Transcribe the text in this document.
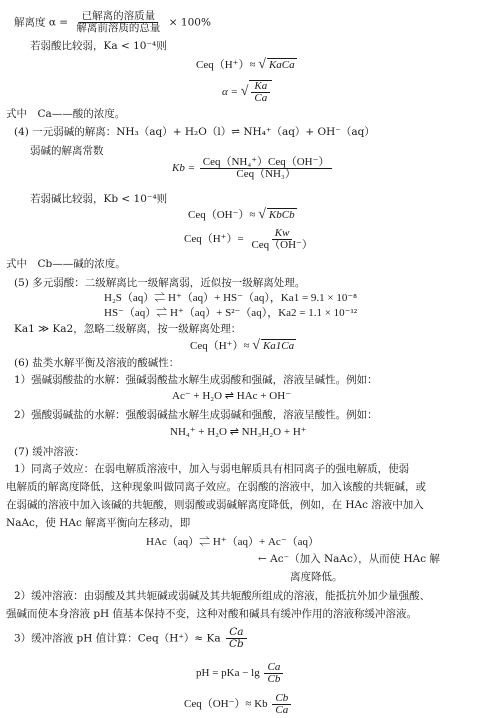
解离度 $\alpha = \frac{\text{已解离的溶质量}}{\text{解离前溶质的总量}} \times 100\%$
若弱酸比较弱，Ka < 10⁻⁴则
Ceq（H⁺）≈ √ KaCa
α = √ $\frac{Ka}{Ca}$
式中　Ca——酸的浓度。
(4) 一元弱碱的解离：NH₃（aq）+ H₂O（l）⇌ NH₄⁺（aq）+ OH⁻（aq）
弱碱的解离常数
$Kb = \frac{\text{Ceq（NH₄⁺）Ceq（OH⁻）}}{\text{Ceq（NH₃）}}$
若弱碱比较弱，Kb < 10⁻⁴则
Ceq（OH⁻）≈ √ KbCb
$Ceq(H^+)= \frac{Kw}{\text{Ceq（OH⁻）}}$
式中　Cb——碱的浓度。
(5) 多元弱酸：二级解离比一级解离弱，近似按一级解离处理。
H₂S（aq）⇌ H⁺（aq）+ HS⁻（aq），Ka1 = 9.1 × 10⁻⁸
HS⁻（aq）⇌ H⁺（aq）+ S²⁻（aq），Ka2 = 1.1 × 10⁻¹²
Ka1 ≫ Ka2，忽略二级解离，按一级解离处理：
Ceq（H⁺）≈ √ Ka1Ca
(6) 盐类水解平衡及溶液的酸碱性：
1）强碱弱酸盐的水解：强碱弱酸盐水解生成弱酸和强碱，溶液呈碱性。例如：
Ac⁻ + H₂O ⇌ HAc + OH⁻
2）强酸弱碱盐的水解：强酸弱碱盐水解生成弱碱和强酸，溶液呈酸性。例如：
NH₄⁺ + H₂O ⇌ NH₃H₂O + H⁺
(7) 缓冲溶液：
1）同离子效应：在弱电解质溶液中，加入与弱电解质具有相同离子的强电解质，使弱
电解质的解离度降低，这种现象叫做同离子效应。在弱酸的溶液中，加入该酸的共轭碱，或
在弱碱的溶液中加入该碱的共轭酸，则弱酸或弱碱解离度降低，例如，在 HAc 溶液中加入
NaAc，使 HAc 解离平衡向左移动，即
HAc（aq）⇌ H⁺（aq）+ Ac⁻（aq）
← Ac⁻（加入 NaAc），从而使 HAc 解
离度降低。
2）缓冲溶液：由弱酸及其共轭碱或弱碱及其共轭酸所组成的溶液，能抵抗外加少量强酸、
强碱而使本身溶液 pH 值基本保持不变，这种对酸和碱具有缓冲作用的溶液称缓冲溶液。
3）缓冲溶液 pH 值计算：Ceq（H⁺）≈ Ka $\frac{Ca}{Cb}$
pH = pKa − $\lg \frac{Ca}{Cb}$
Ceq（OH⁻）≈ Kb $\frac{Cb}{Ca}$
